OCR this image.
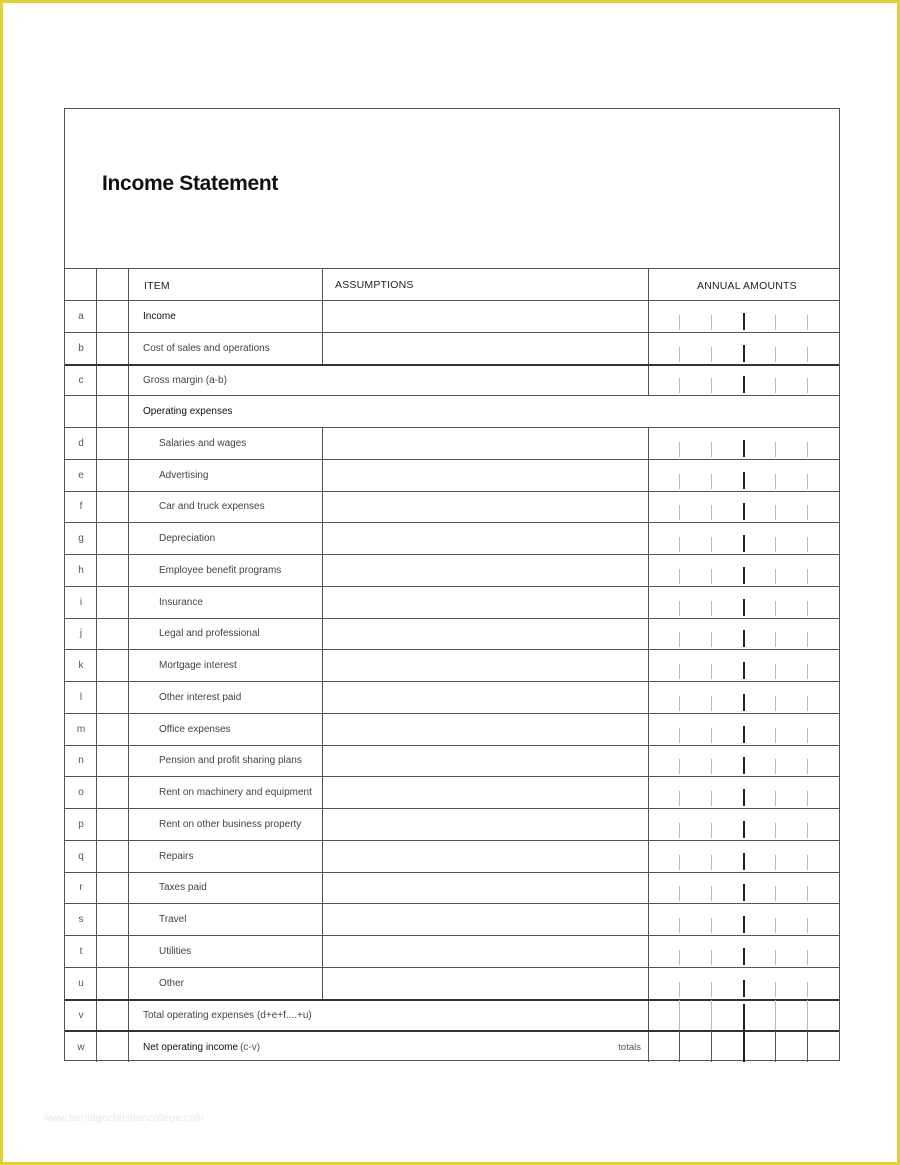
Income Statement
ITEM	ASSUMPTIONS	ANNUAL AMOUNTS
a	Income
b	Cost of sales and operations
c	Gross margin (a-b)
Operating expenses
d	Salaries and wages
e	Advertising
f	Car and truck expenses
g	Depreciation
h	Employee benefit programs
i	Insurance
j	Legal and professional
k	Mortgage interest
l	Other interest paid
m	Office expenses
n	Pension and profit sharing plans
o	Rent on machinery and equipment
p	Rent on other business property
q	Repairs
r	Taxes paid
s	Travel
t	Utilities
u	Other
v	Total operating expenses (d+e+f....+u)
w	Net operating income (c-v)	totals
www.heritagechristiancollege.com
